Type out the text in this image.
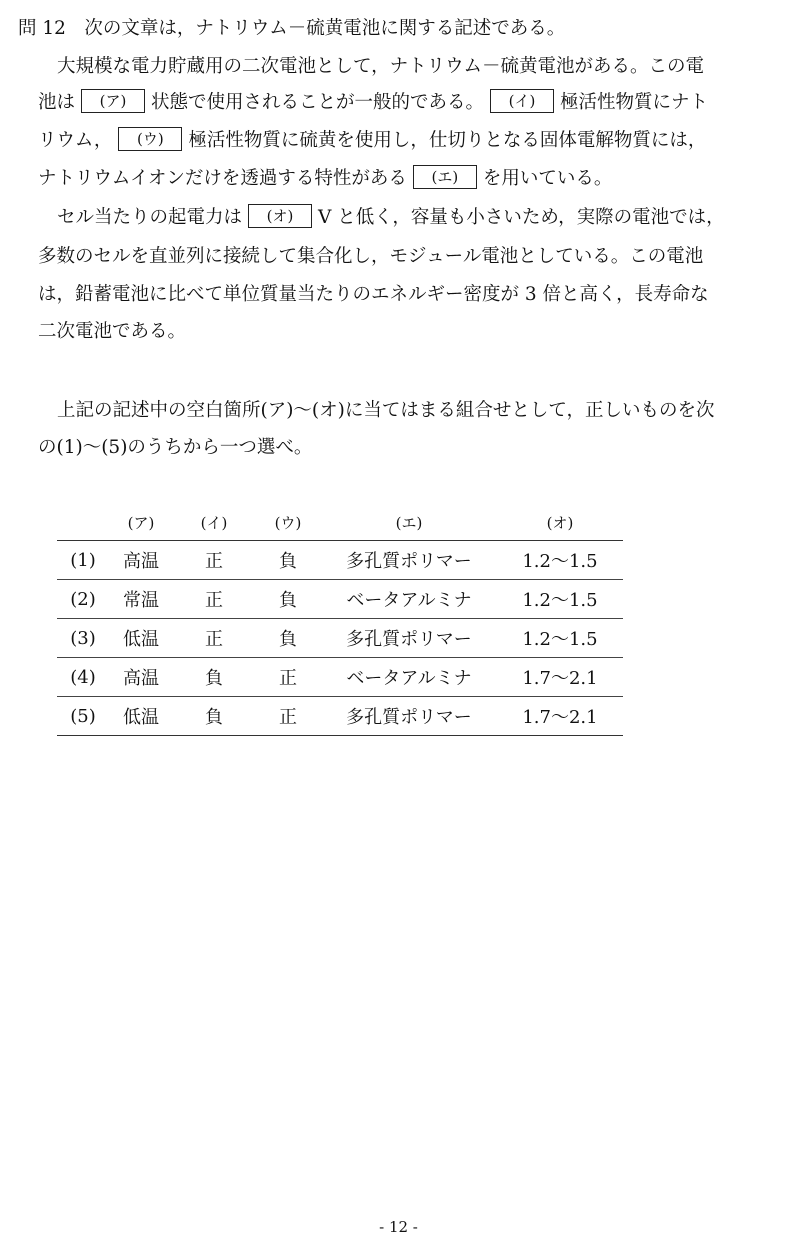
問 12　次の文章は，ナトリウム－硫黄電池に関する記述である。
大規模な電力貯蔵用の二次電池として，ナトリウム－硫黄電池がある。この電
池は (ア) 状態で使用されることが一般的である。 (イ) 極活性物質にナト
リウム， (ウ) 極活性物質に硫黄を使用し，仕切りとなる固体電解物質には，
ナトリウムイオンだけを透過する特性がある (エ) を用いている。
セル当たりの起電力は (オ) V と低く，容量も小さいため，実際の電池では，
多数のセルを直並列に接続して集合化し，モジュール電池としている。この電池
は，鉛蓄電池に比べて単位質量当たりのエネルギー密度が 3 倍と高く，長寿命な
二次電池である。
上記の記述中の空白箇所(ア)～(オ)に当てはまる組合せとして，正しいものを次
の(1)～(5)のうちから一つ選べ。
	(ア)	(イ)	(ウ)	(エ)	(オ)
(1)	高温	正	負	多孔質ポリマー	1.2～1.5
(2)	常温	正	負	ベータアルミナ	1.2～1.5
(3)	低温	正	負	多孔質ポリマー	1.2～1.5
(4)	高温	負	正	ベータアルミナ	1.7～2.1
(5)	低温	負	正	多孔質ポリマー	1.7～2.1
- 12 -
